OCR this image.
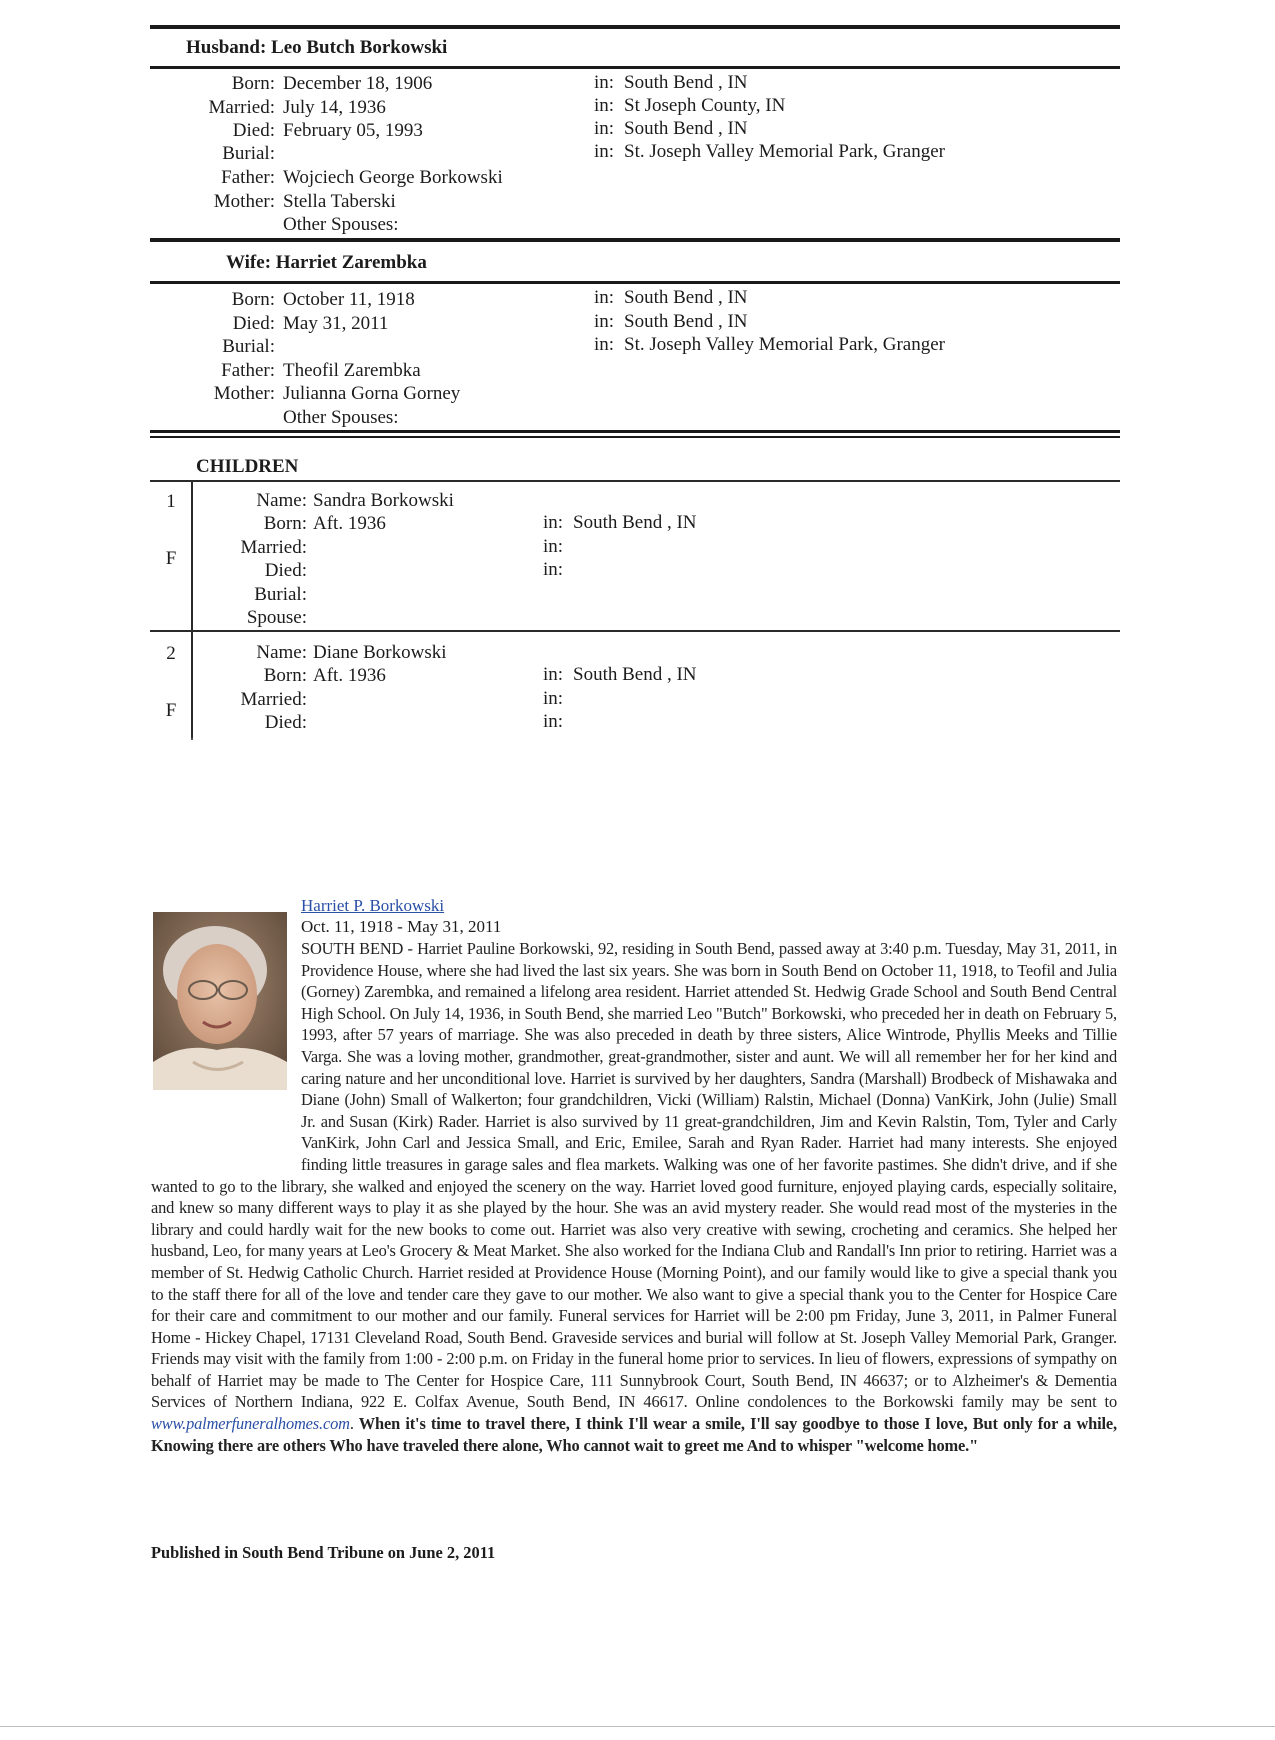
Husband: Leo Butch Borkowski
Born: December 18, 1906	in: South Bend , IN
Married: July 14, 1936	in: St Joseph County, IN
Died: February 05, 1993	in: South Bend , IN
Burial:	in: St. Joseph Valley Memorial Park, Granger
Father: Wojciech George Borkowski
Mother: Stella Taberski
Other Spouses:
Wife: Harriet Zarembka
Born: October 11, 1918	in: South Bend , IN
Died: May 31, 2011	in: South Bend , IN
Burial:	in: St. Joseph Valley Memorial Park, Granger
Father: Theofil Zarembka
Mother: Julianna Gorna Gorney
Other Spouses:
CHILDREN
1
F
Name: Sandra Borkowski
Born: Aft. 1936	in: South Bend , IN
Married:	in:
Died:	in:
Burial:
Spouse:
2
F
Name: Diane Borkowski
Born: Aft. 1936	in: South Bend , IN
Married:	in:
Died:	in:
Harriet P. Borkowski
Oct. 11, 1918 - May 31, 2011
SOUTH BEND - Harriet Pauline Borkowski, 92, residing in South Bend, passed away at 3:40 p.m. Tuesday, May 31, 2011, in Providence House, where she had lived the last six years. She was born in South Bend on October 11, 1918, to Teofil and Julia (Gorney) Zarembka, and remained a lifelong area resident. Harriet attended St. Hedwig Grade School and South Bend Central High School. On July 14, 1936, in South Bend, she married Leo "Butch" Borkowski, who preceded her in death on February 5, 1993, after 57 years of marriage. She was also preceded in death by three sisters, Alice Wintrode, Phyllis Meeks and Tillie Varga. She was a loving mother, grandmother, great-grandmother, sister and aunt. We will all remember her for her kind and caring nature and her unconditional love. Harriet is survived by her daughters, Sandra (Marshall) Brodbeck of Mishawaka and Diane (John) Small of Walkerton; four grandchildren, Vicki (William) Ralstin, Michael (Donna) VanKirk, John (Julie) Small Jr. and Susan (Kirk) Rader. Harriet is also survived by 11 great-grandchildren, Jim and Kevin Ralstin, Tom, Tyler and Carly VanKirk, John Carl and Jessica Small, and Eric, Emilee, Sarah and Ryan Rader. Harriet had many interests. She enjoyed finding little treasures in garage sales and flea markets. Walking was one of her favorite pastimes. She didn't drive, and if she wanted to go to the library, she walked and enjoyed the scenery on the way. Harriet loved good furniture, enjoyed playing cards, especially solitaire, and knew so many different ways to play it as she played by the hour. She was an avid mystery reader. She would read most of the mysteries in the library and could hardly wait for the new books to come out. Harriet was also very creative with sewing, crocheting and ceramics. She helped her husband, Leo, for many years at Leo's Grocery & Meat Market. She also worked for the Indiana Club and Randall's Inn prior to retiring. Harriet was a member of St. Hedwig Catholic Church. Harriet resided at Providence House (Morning Point), and our family would like to give a special thank you to the staff there for all of the love and tender care they gave to our mother. We also want to give a special thank you to the Center for Hospice Care for their care and commitment to our mother and our family. Funeral services for Harriet will be 2:00 pm Friday, June 3, 2011, in Palmer Funeral Home - Hickey Chapel, 17131 Cleveland Road, South Bend. Graveside services and burial will follow at St. Joseph Valley Memorial Park, Granger. Friends may visit with the family from 1:00 - 2:00 p.m. on Friday in the funeral home prior to services. In lieu of flowers, expressions of sympathy on behalf of Harriet may be made to The Center for Hospice Care, 111 Sunnybrook Court, South Bend, IN 46637; or to Alzheimer's & Dementia Services of Northern Indiana, 922 E. Colfax Avenue, South Bend, IN 46617. Online condolences to the Borkowski family may be sent to www.palmerfuneralhomes.com. When it's time to travel there, I think I'll wear a smile, I'll say goodbye to those I love, But only for a while, Knowing there are others Who have traveled there alone, Who cannot wait to greet me And to whisper "welcome home."
Published in South Bend Tribune on June 2, 2011
